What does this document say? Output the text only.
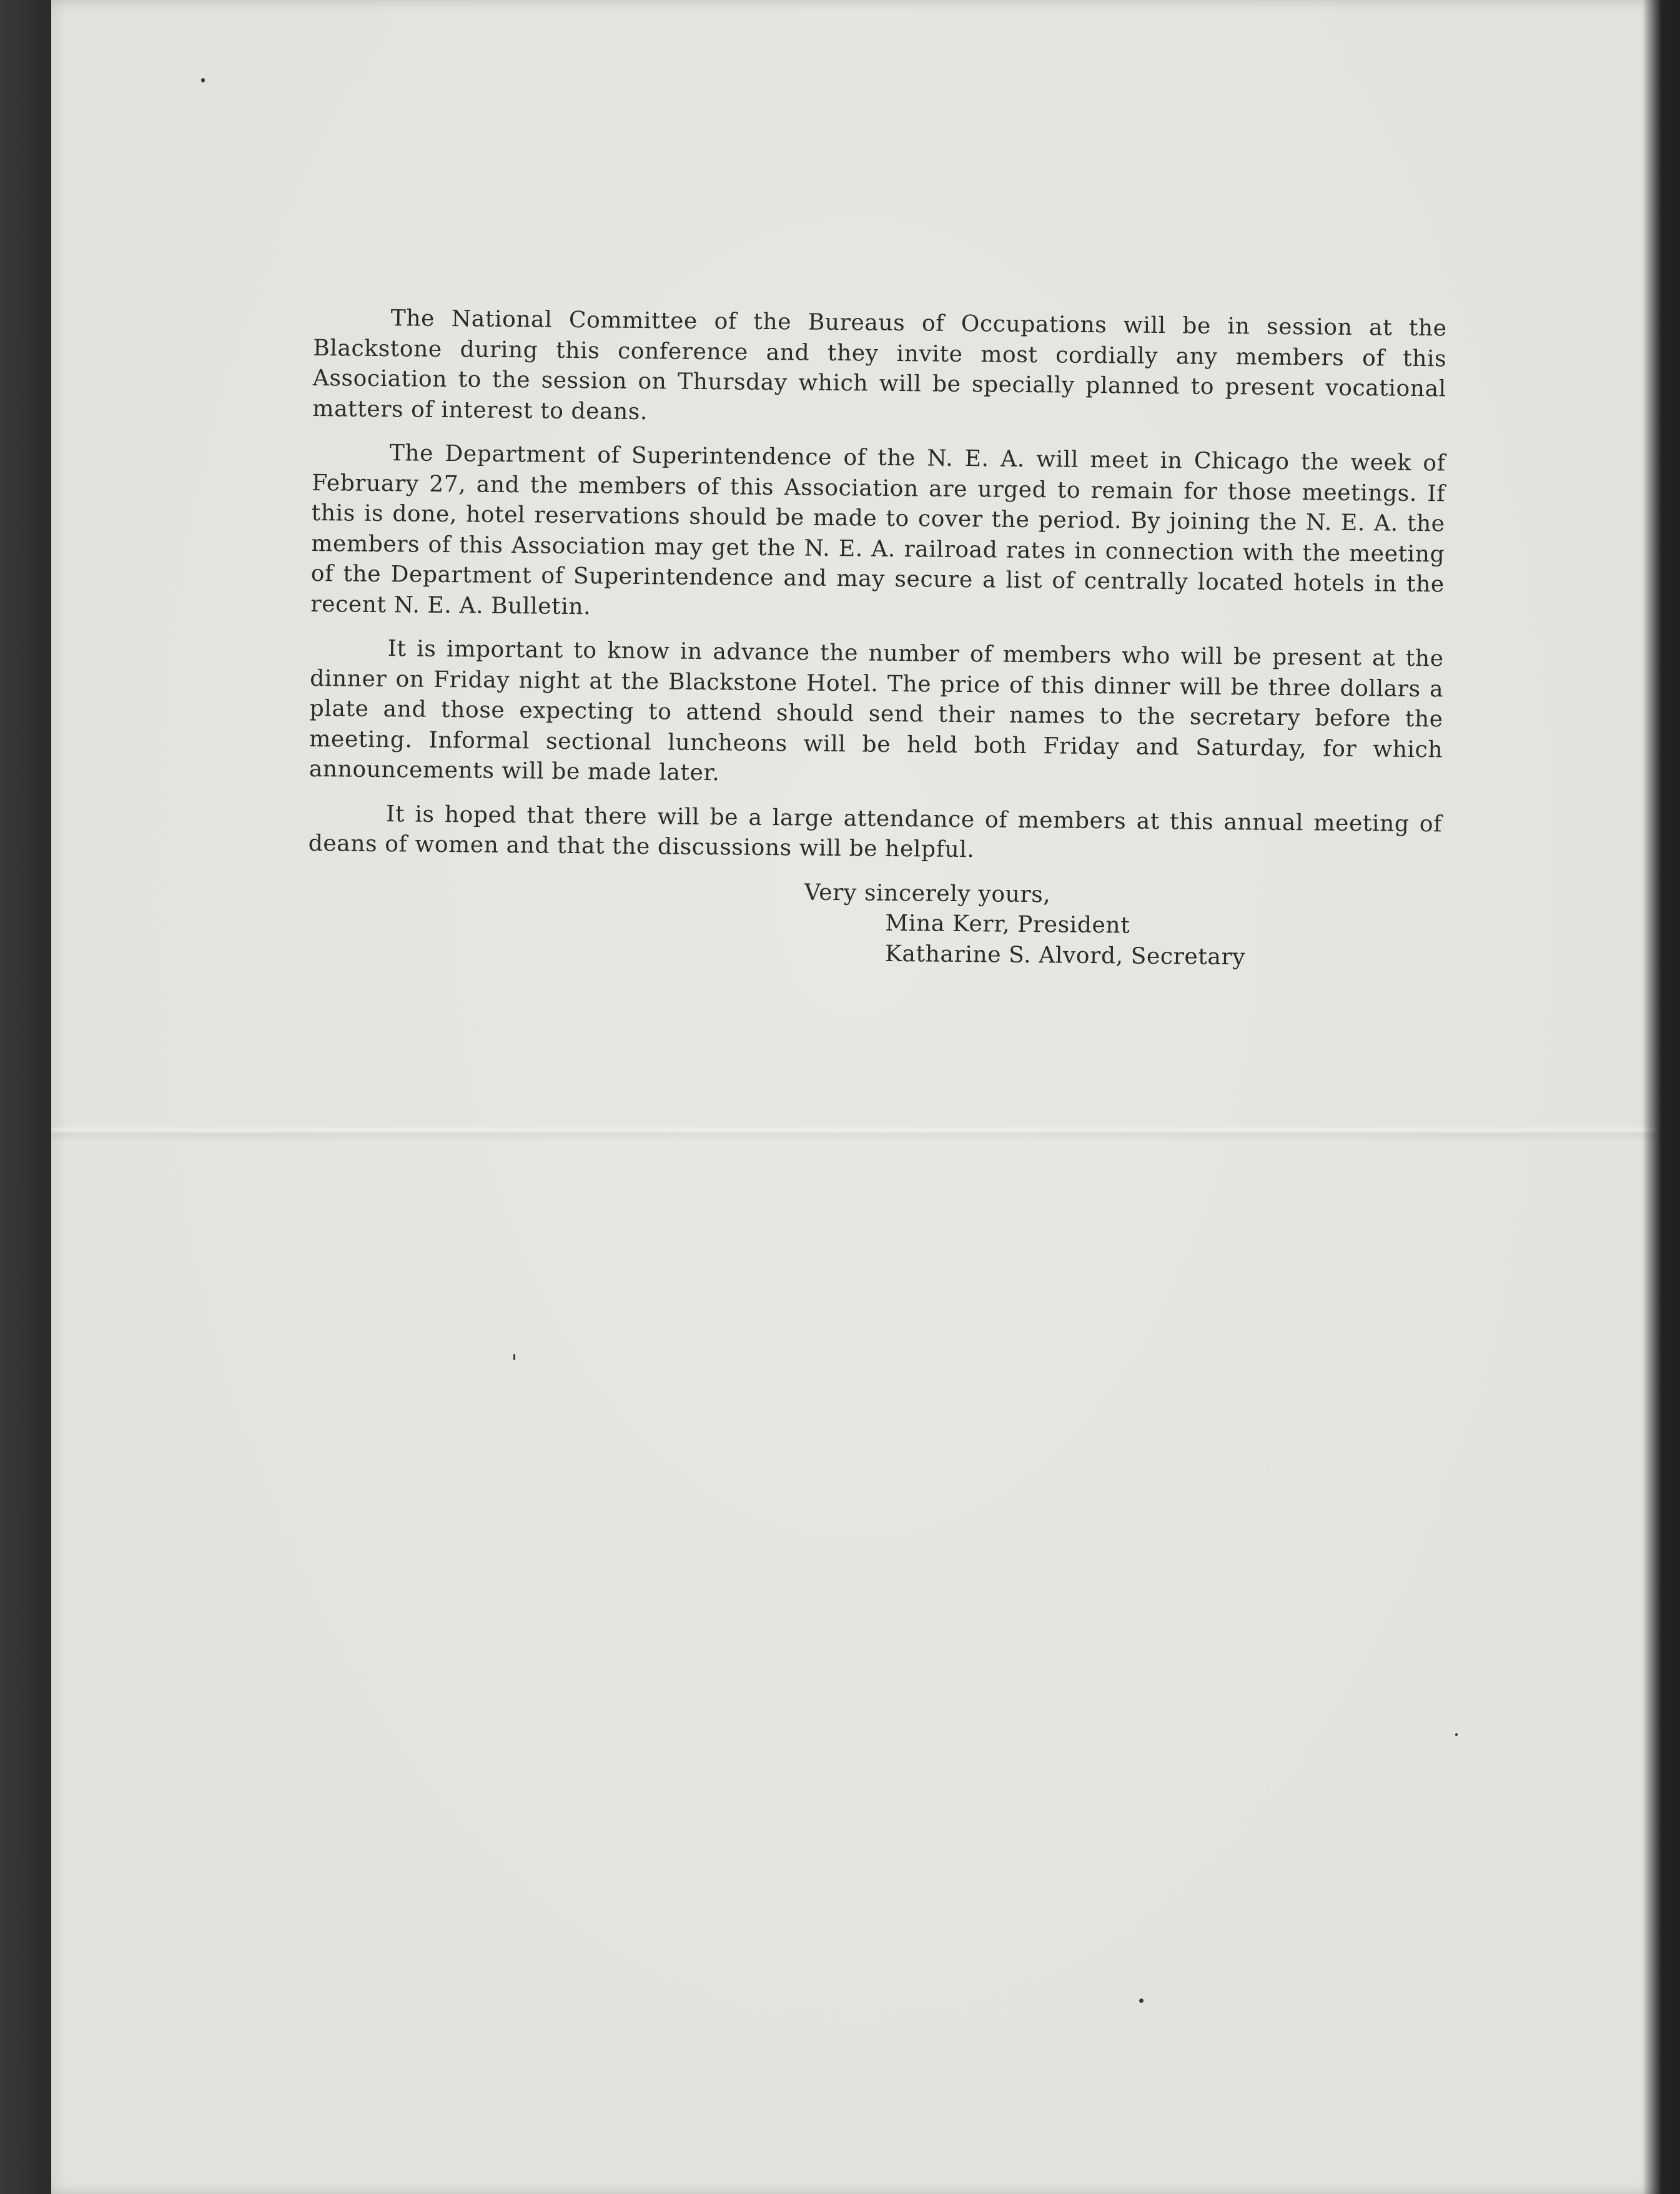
The National Committee of the Bureaus of Occupations will be in session at the Blackstone during this conference and they invite most cordially any members of this Association to the session on Thursday which will be specially planned to present vocational matters of interest to deans.

The Department of Superintendence of the N. E. A. will meet in Chicago the week of February 27, and the members of this Association are urged to remain for those meetings. If this is done, hotel reservations should be made to cover the period. By joining the N. E. A. the members of this Association may get the N. E. A. railroad rates in connection with the meeting of the Department of Superintendence and may secure a list of centrally located hotels in the recent N. E. A. Bulletin.

It is important to know in advance the number of members who will be present at the dinner on Friday night at the Blackstone Hotel. The price of this dinner will be three dollars a plate and those expecting to attend should send their names to the secretary before the meeting. Informal sectional luncheons will be held both Friday and Saturday, for which announcements will be made later.

It is hoped that there will be a large attendance of members at this annual meeting of deans of women and that the discussions will be helpful.

Very sincerely yours,

Mina Kerr, President

Katharine S. Alvord, Secretary
